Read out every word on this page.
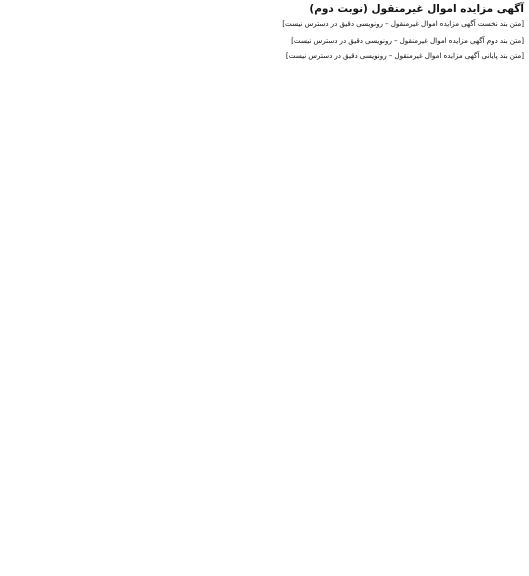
آگهی مزایده اموال غیرمنقول (نوبت دوم)

[متن بند نخست آگهی مزایده اموال غیرمنقول – رونویسی دقیق در دسترس نیست]

[متن بند دوم آگهی مزایده اموال غیرمنقول – رونویسی دقیق در دسترس نیست]

[متن بند پایانی آگهی مزایده اموال غیرمنقول – رونویسی دقیق در دسترس نیست]
